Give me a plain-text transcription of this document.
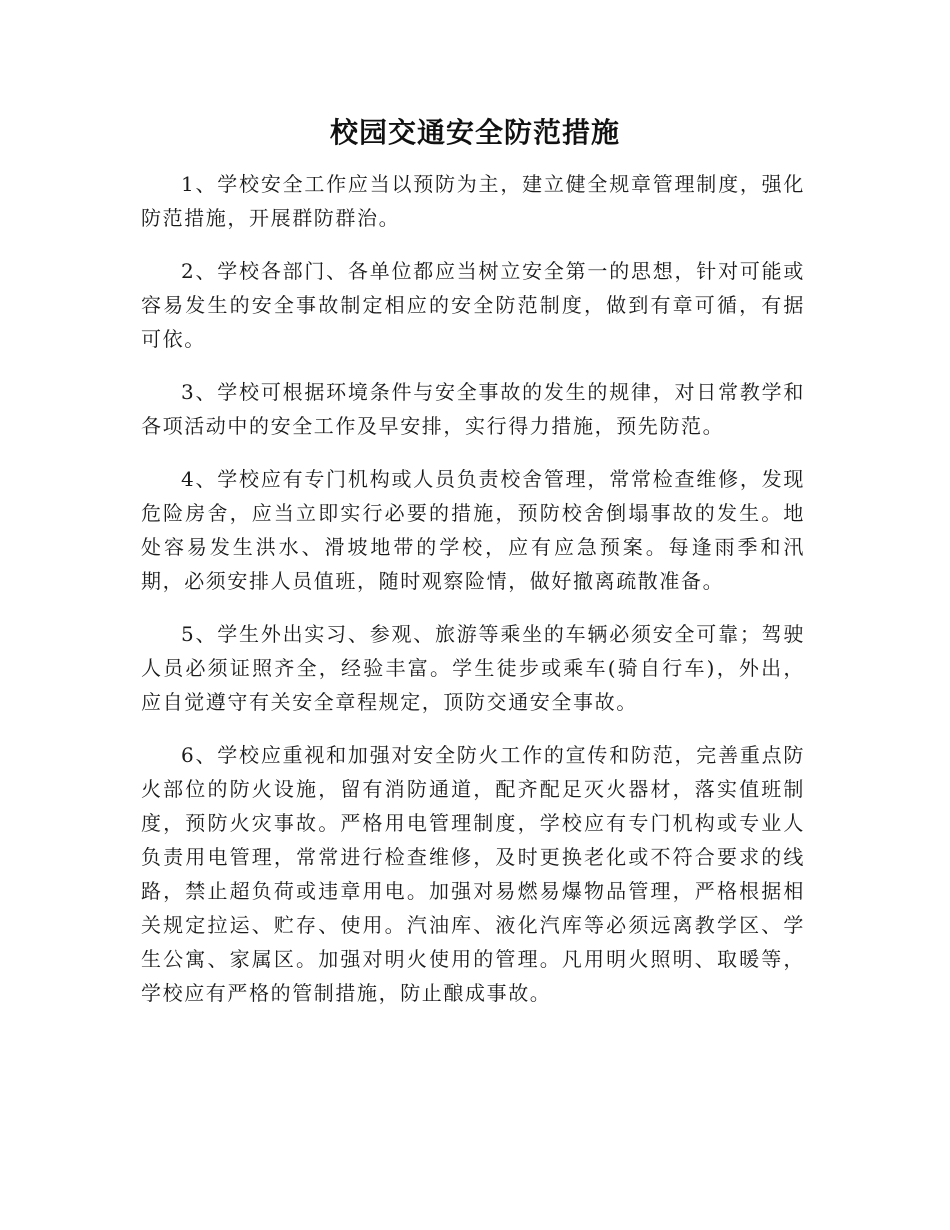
校园交通安全防范措施

1、学校安全工作应当以预防为主，建立健全规章管理制度，强化防范措施，开展群防群治。

2、学校各部门、各单位都应当树立安全第一的思想，针对可能或容易发生的安全事故制定相应的安全防范制度，做到有章可循，有据可依。

3、学校可根据环境条件与安全事故的发生的规律，对日常教学和各项活动中的安全工作及早安排，实行得力措施，预先防范。

4、学校应有专门机构或人员负责校舍管理，常常检查维修，发现危险房舍，应当立即实行必要的措施，预防校舍倒塌事故的发生。地处容易发生洪水、滑坡地带的学校，应有应急预案。每逢雨季和汛期，必须安排人员值班，随时观察险情，做好撤离疏散准备。

5、学生外出实习、参观、旅游等乘坐的车辆必须安全可靠；驾驶人员必须证照齐全，经验丰富。学生徒步或乘车(骑自行车)，外出，应自觉遵守有关安全章程规定，顶防交通安全事故。

6、学校应重视和加强对安全防火工作的宣传和防范，完善重点防火部位的防火设施，留有消防通道，配齐配足灭火器材，落实值班制度，预防火灾事故。严格用电管理制度，学校应有专门机构或专业人负责用电管理，常常进行检查维修，及时更换老化或不符合要求的线路，禁止超负荷或违章用电。加强对易燃易爆物品管理，严格根据相关规定拉运、贮存、使用。汽油库、液化汽库等必须远离教学区、学生公寓、家属区。加强对明火使用的管理。凡用明火照明、取暖等，学校应有严格的管制措施，防止酿成事故。
